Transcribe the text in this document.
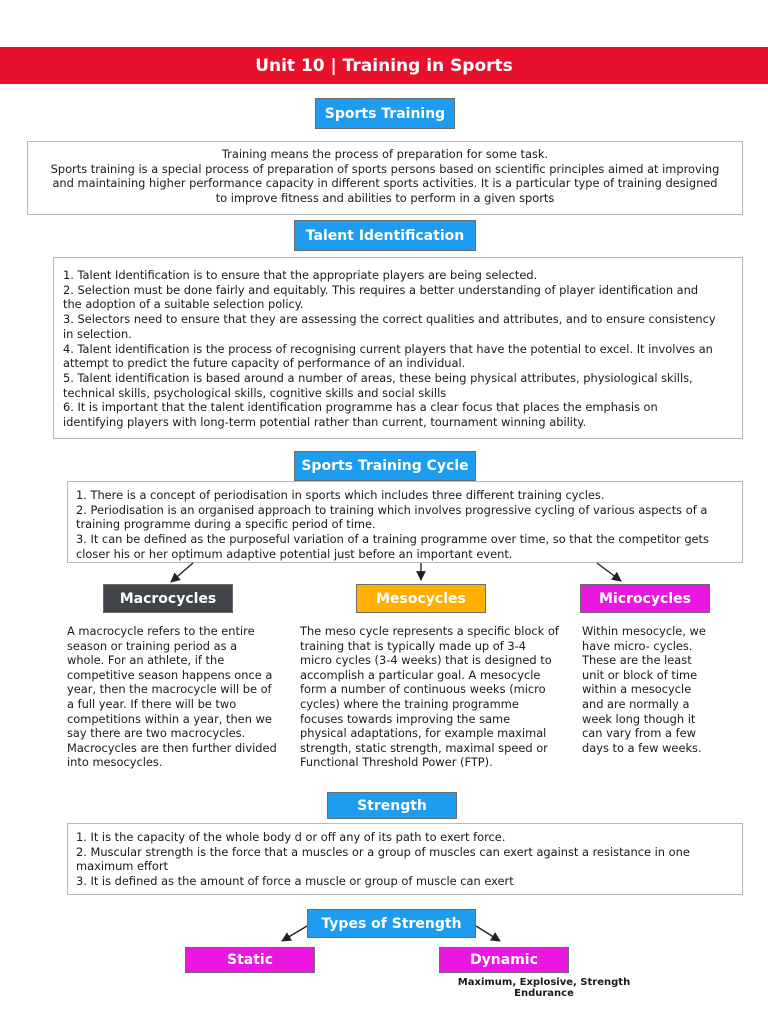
Unit 10 | Training in Sports
Sports Training

Training means the process of preparation for some task.

Sports training is a special process of preparation of sports persons based on scientific principles aimed at improving and maintaining higher performance capacity in different sports activities. It is a particular type of training designed to improve fitness and abilities to perform in a given sports

Talent Identification

1. Talent Identification is to ensure that the appropriate players are being selected.

2. Selection must be done fairly and equitably. This requires a better understanding of player identification and the adoption of a suitable selection policy.

3. Selectors need to ensure that they are assessing the correct qualities and attributes, and to ensure consistency in selection.

4. Talent identification is the process of recognising current players that have the potential to excel. It involves an attempt to predict the future capacity of performance of an individual.

5. Talent identification is based around a number of areas, these being physical attributes, physiological skills, technical skills, psychological skills, cognitive skills and social skills

6. It is important that the talent identification programme has a clear focus that places the emphasis on identifying players with long-term potential rather than current, tournament winning ability.

Sports Training Cycle

1. There is a concept of periodisation in sports which includes three different training cycles.

2. Periodisation is an organised approach to training which involves progressive cycling of various aspects of a training programme during a specific period of time.

3. It can be defined as the purposeful variation of a training programme over time, so that the competitor gets closer his or her optimum adaptive potential just before an important event.

Macrocycles	Mesocycles	Microcycles

A macrocycle refers to the entire season or training period as a whole. For an athlete, if the competitive season happens once a year, then the macrocycle will be of a full year. If there will be two competitions within a year, then we say there are two macrocycles. Macrocycles are then further divided into mesocycles.

The meso cycle represents a specific block of training that is typically made up of 3-4 micro cycles (3-4 weeks) that is designed to accomplish a particular goal. A mesocycle form a number of continuous weeks (micro cycles) where the training programme focuses towards improving the same physical adaptations, for example maximal strength, static strength, maximal speed or Functional Threshold Power (FTP).

Within mesocycle, we have micro- cycles. These are the least unit or block of time within a mesocycle and are normally a week long though it can vary from a few days to a few weeks.

Strength

1. It is the capacity of the whole body d or off any of its path to exert force.

2. Muscular strength is the force that a muscles or a group of muscles can exert against a resistance in one maximum effort

3. It is defined as the amount of force a muscle or group of muscle can exert

Types of Strength
Static	Dynamic
Maximum, Explosive, Strength Endurance
